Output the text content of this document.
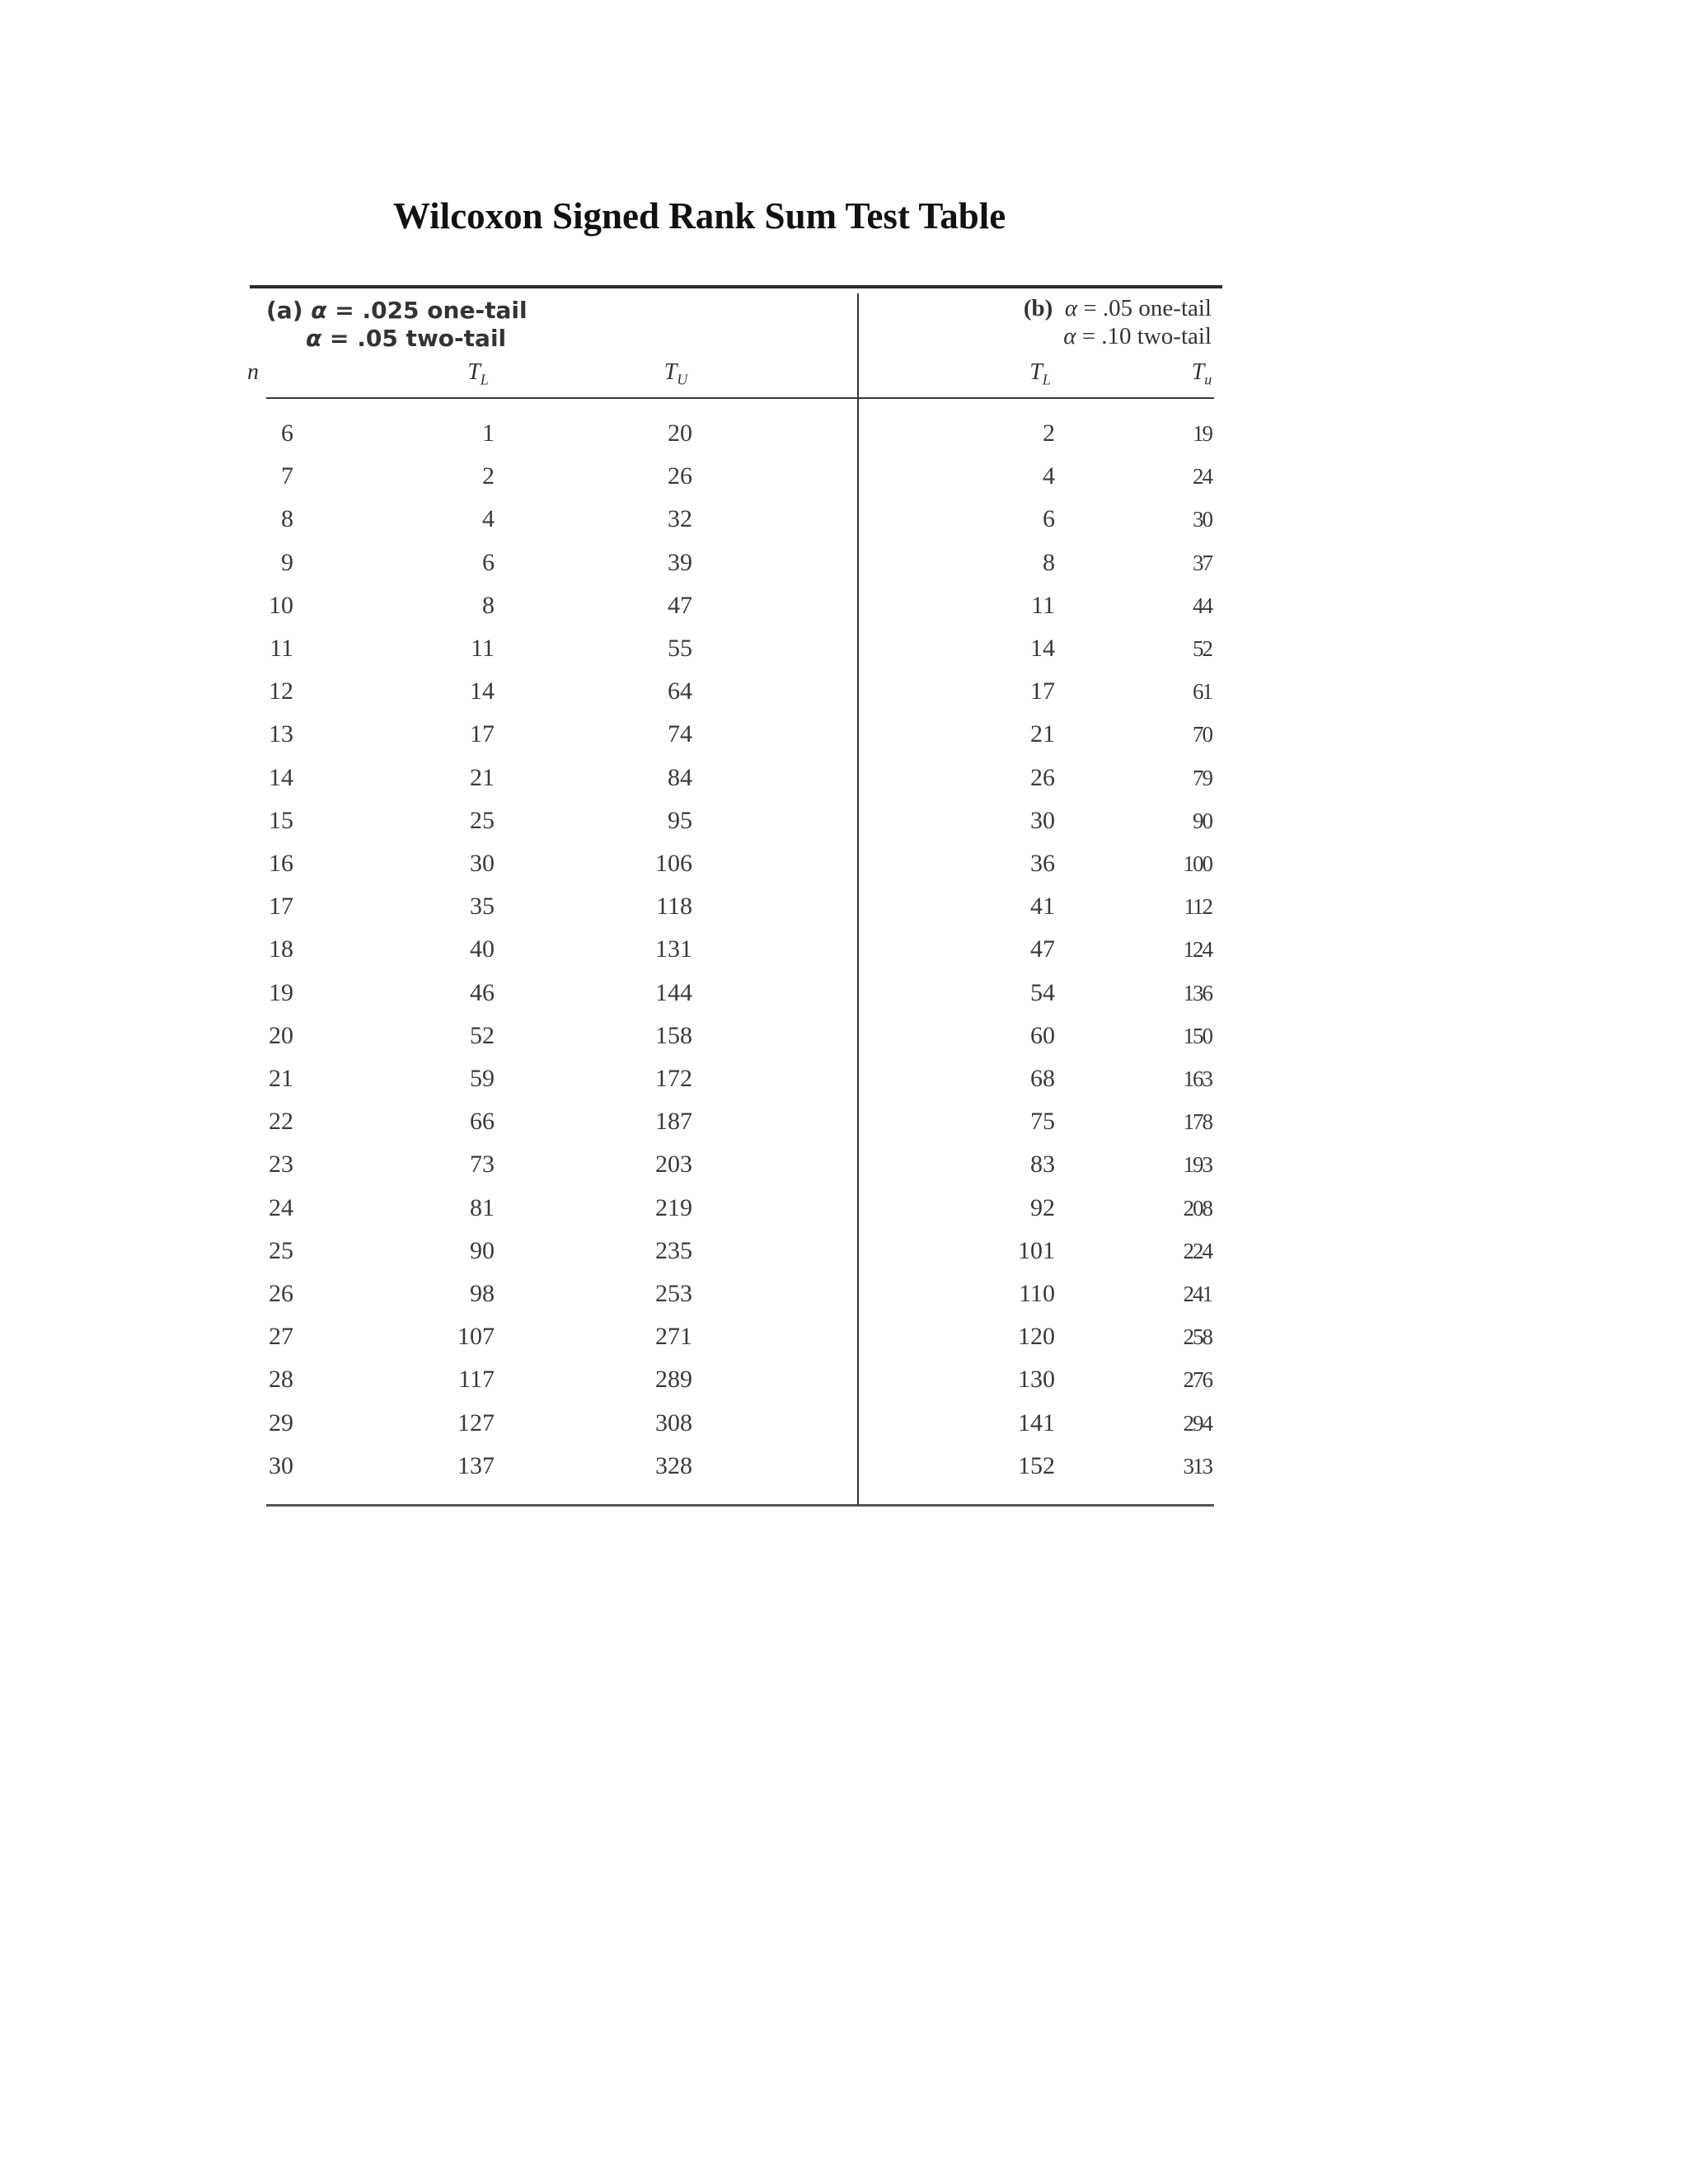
Wilcoxon Signed Rank Sum Test Table
(a) α = .025 one-tail
α = .05 two-tail
(b) α = .05 one-tail
α = .10 two-tail
n	$T_L$	$T_U$	$T_L$	$T_u$
6	1	20	2	19
7	2	26	4	24
8	4	32	6	30
9	6	39	8	37
10	8	47	11	44
11	11	55	14	52
12	14	64	17	61
13	17	74	21	70
14	21	84	26	79
15	25	95	30	90
16	30	106	36	100
17	35	118	41	112
18	40	131	47	124
19	46	144	54	136
20	52	158	60	150
21	59	172	68	163
22	66	187	75	178
23	73	203	83	193
24	81	219	92	208
25	90	235	101	224
26	98	253	110	241
27	107	271	120	258
28	117	289	130	276
29	127	308	141	294
30	137	328	152	313
